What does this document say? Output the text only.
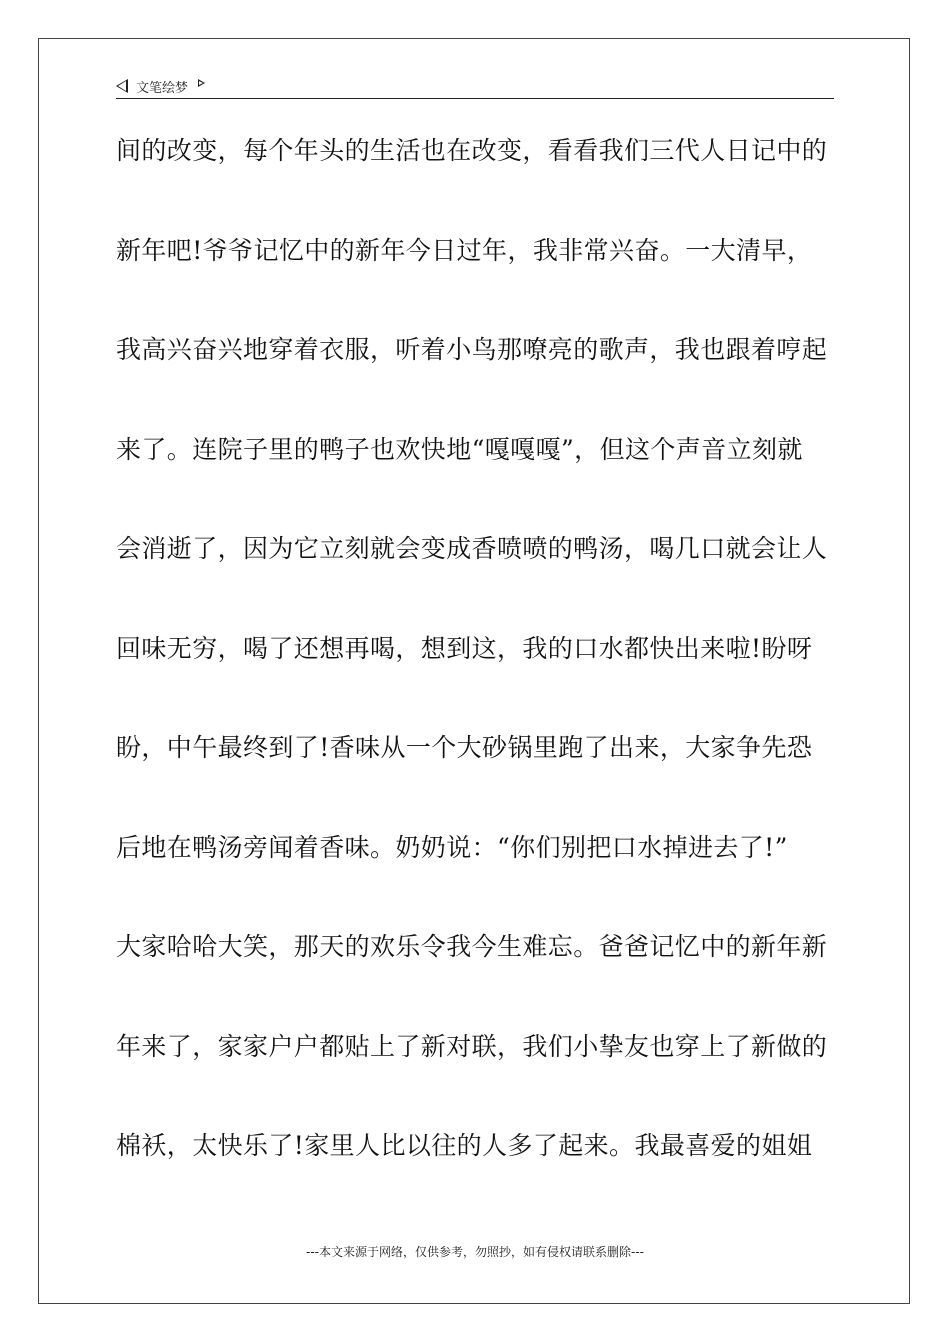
文笔绘梦
间的改变，每个年头的生活也在改变，看看我们三代人日记中的
新年吧!爷爷记忆中的新年今日过年，我非常兴奋。一大清早，
我高兴奋兴地穿着衣服，听着小鸟那嘹亮的歌声，我也跟着哼起
来了。连院子里的鸭子也欢快地“嘎嘎嘎”，但这个声音立刻就
会消逝了，因为它立刻就会变成香喷喷的鸭汤，喝几口就会让人
回味无穷，喝了还想再喝，想到这，我的口水都快出来啦!盼呀
盼，中午最终到了!香味从一个大砂锅里跑了出来，大家争先恐
后地在鸭汤旁闻着香味。奶奶说：“你们别把口水掉进去了!”
大家哈哈大笑，那天的欢乐令我今生难忘。爸爸记忆中的新年新
年来了，家家户户都贴上了新对联，我们小挚友也穿上了新做的
棉袄，太快乐了!家里人比以往的人多了起来。我最喜爱的姐姐
---本文来源于网络，仅供参考，勿照抄，如有侵权请联系删除---
